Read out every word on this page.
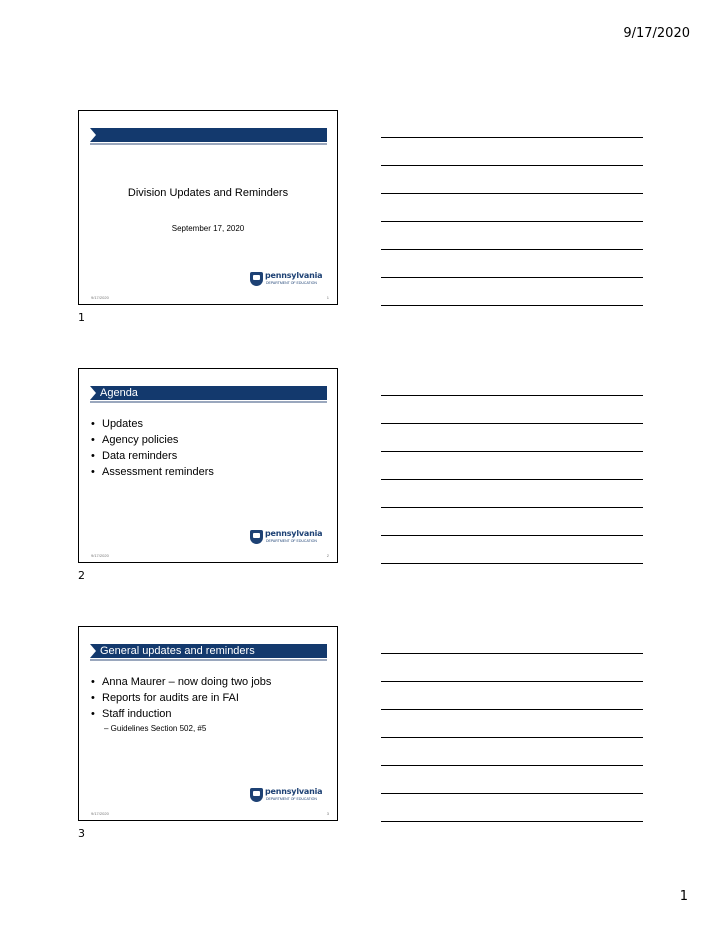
9/17/2020
Division Updates and Reminders
September 17, 2020
pennsylvania
DEPARTMENT OF EDUCATION
9/17/2020	1
1
Agenda
• Updates
• Agency policies
• Data reminders
• Assessment reminders
pennsylvania
DEPARTMENT OF EDUCATION
9/17/2020	2
2
General updates and reminders
• Anna Maurer – now doing two jobs
• Reports for audits are in FAI
• Staff induction
– Guidelines Section 502, #5
pennsylvania
DEPARTMENT OF EDUCATION
9/17/2020	3
3
1
